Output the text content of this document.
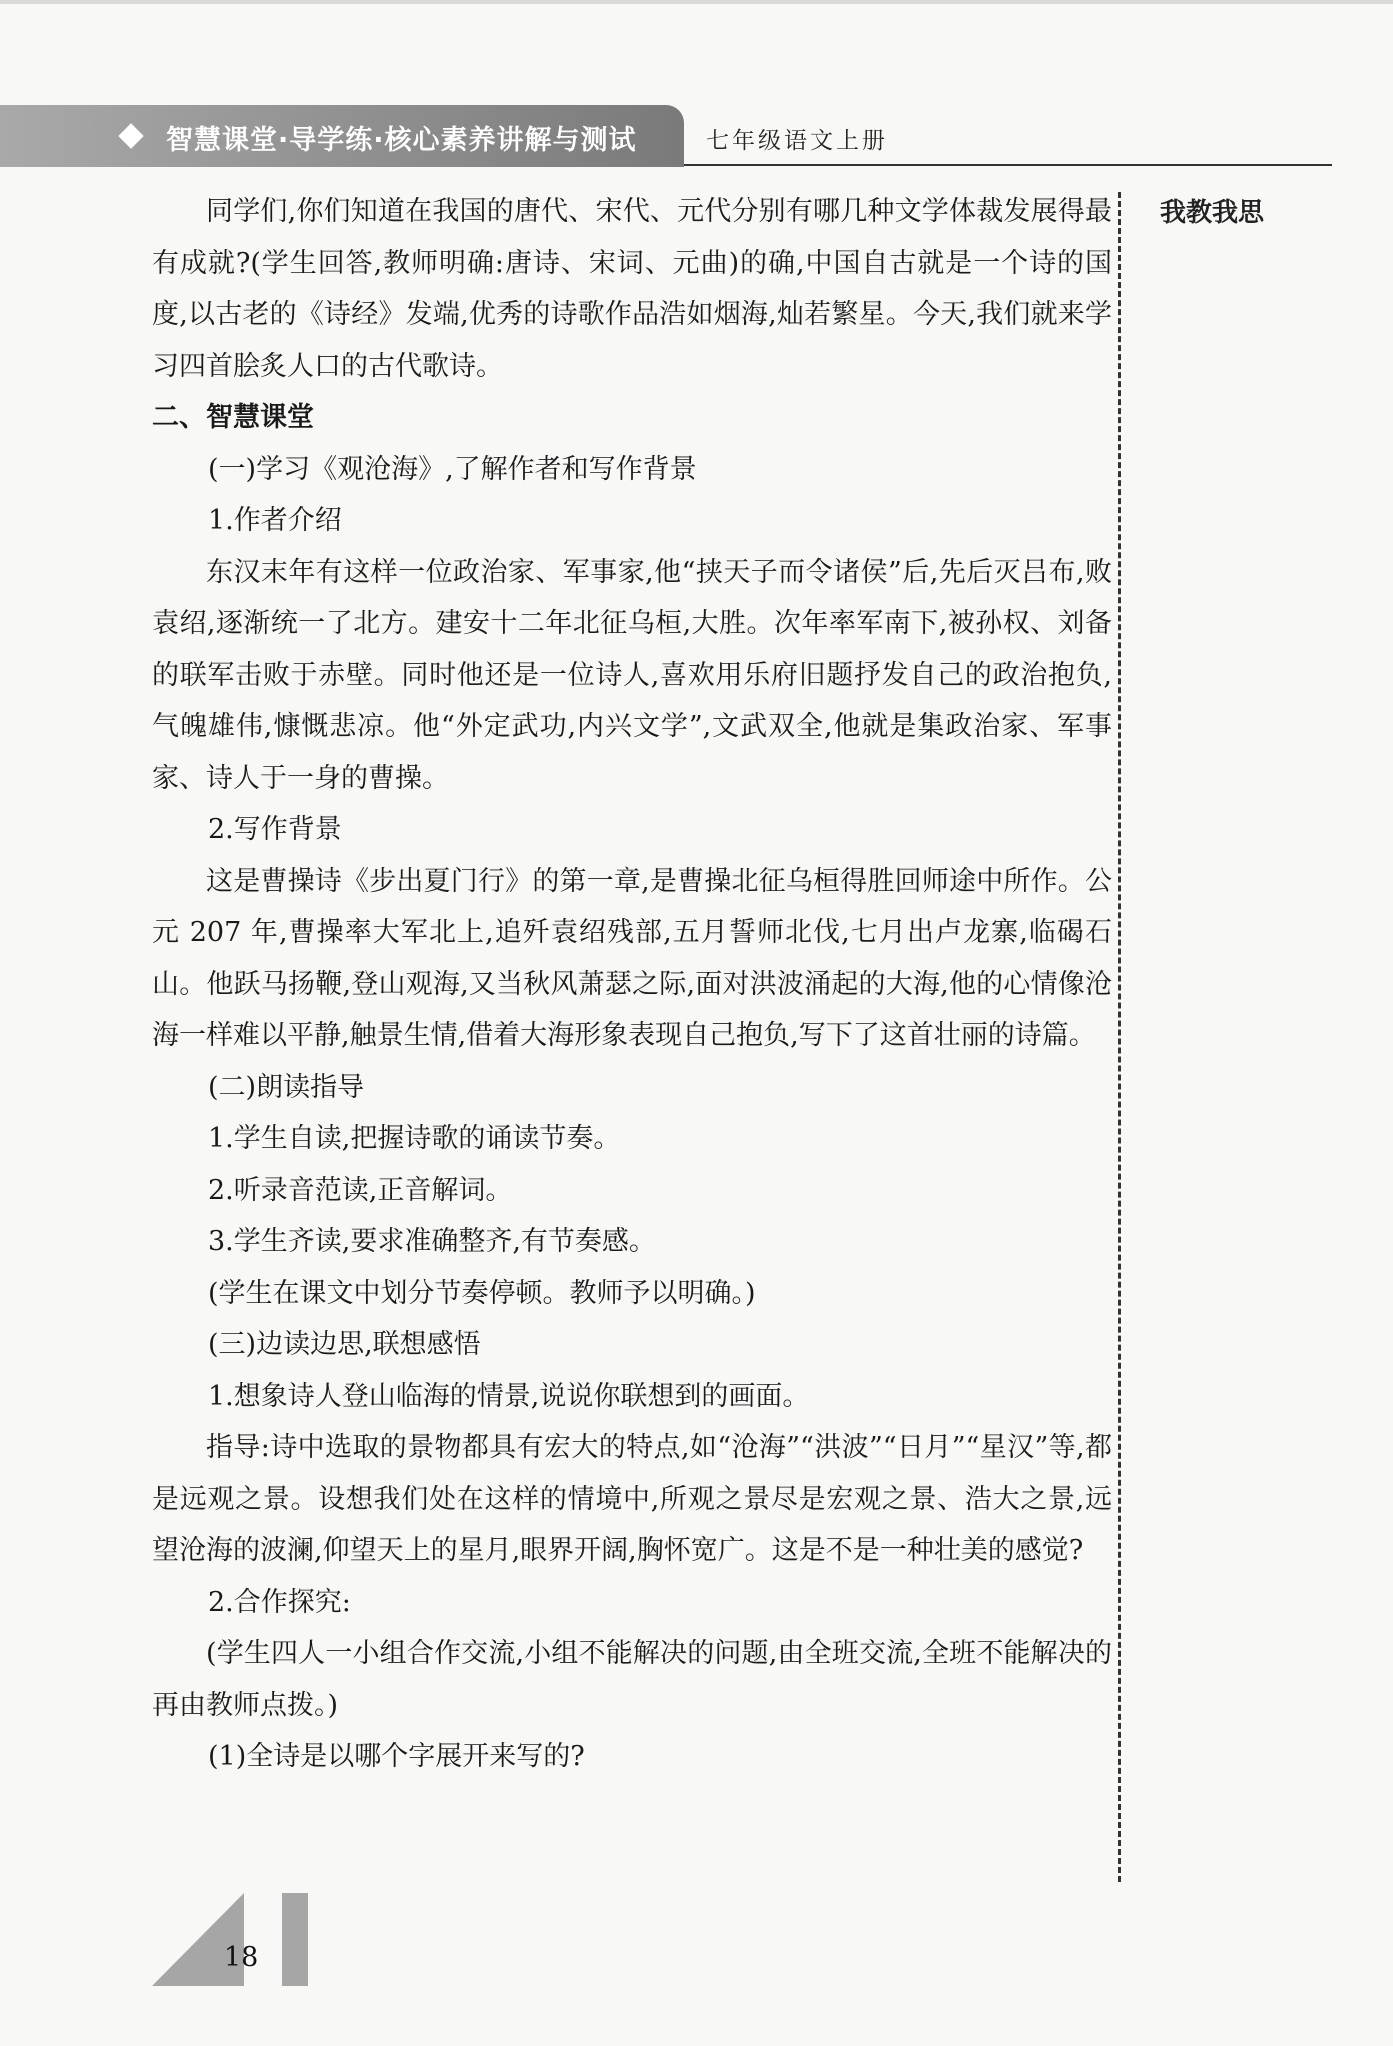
智慧课堂·导学练·核心素养讲解与测试	七年级语文上册
我教我思

同学们,你们知道在我国的唐代、宋代、元代分别有哪几种文学体裁发展得最有成就?(学生回答,教师明确:唐诗、宋词、元曲)的确,中国自古就是一个诗的国度,以古老的《诗经》发端,优秀的诗歌作品浩如烟海,灿若繁星。今天,我们就来学习四首脍炙人口的古代歌诗。

二、智慧课堂

(一)学习《观沧海》,了解作者和写作背景

1.作者介绍

东汉末年有这样一位政治家、军事家,他“挟天子而令诸侯”后,先后灭吕布,败袁绍,逐渐统一了北方。建安十二年北征乌桓,大胜。次年率军南下,被孙权、刘备的联军击败于赤壁。同时他还是一位诗人,喜欢用乐府旧题抒发自己的政治抱负,气魄雄伟,慷慨悲凉。他“外定武功,内兴文学”,文武双全,他就是集政治家、军事家、诗人于一身的曹操。

2.写作背景

这是曹操诗《步出夏门行》的第一章,是曹操北征乌桓得胜回师途中所作。公元 207 年,曹操率大军北上,追歼袁绍残部,五月誓师北伐,七月出卢龙寨,临碣石山。他跃马扬鞭,登山观海,又当秋风萧瑟之际,面对洪波涌起的大海,他的心情像沧海一样难以平静,触景生情,借着大海形象表现自己抱负,写下了这首壮丽的诗篇。

(二)朗读指导

1.学生自读,把握诗歌的诵读节奏。

2.听录音范读,正音解词。

3.学生齐读,要求准确整齐,有节奏感。

(学生在课文中划分节奏停顿。教师予以明确。)

(三)边读边思,联想感悟

1.想象诗人登山临海的情景,说说你联想到的画面。

指导:诗中选取的景物都具有宏大的特点,如“沧海”“洪波”“日月”“星汉”等,都是远观之景。设想我们处在这样的情境中,所观之景尽是宏观之景、浩大之景,远望沧海的波澜,仰望天上的星月,眼界开阔,胸怀宽广。这是不是一种壮美的感觉?

2.合作探究:

(学生四人一小组合作交流,小组不能解决的问题,由全班交流,全班不能解决的再由教师点拨。)

(1)全诗是以哪个字展开来写的?

18
